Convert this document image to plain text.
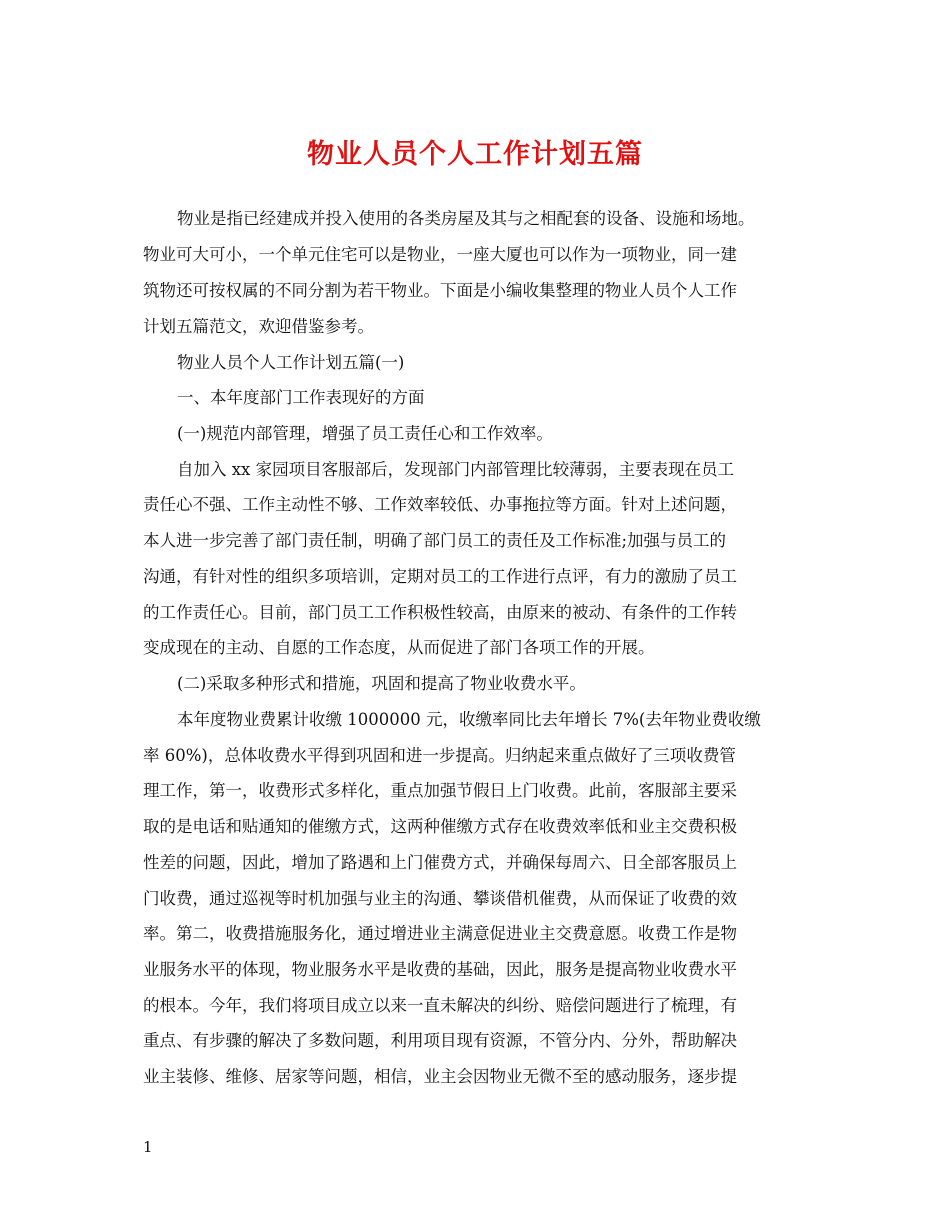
物业人员个人工作计划五篇
物业是指已经建成并投入使用的各类房屋及其与之相配套的设备、设施和场地。
物业可大可小，一个单元住宅可以是物业，一座大厦也可以作为一项物业，同一建
筑物还可按权属的不同分割为若干物业。下面是小编收集整理的物业人员个人工作
计划五篇范文，欢迎借鉴参考。
物业人员个人工作计划五篇(一)
一、本年度部门工作表现好的方面
(一)规范内部管理，增强了员工责任心和工作效率。
自加入 xx 家园项目客服部后，发现部门内部管理比较薄弱，主要表现在员工
责任心不强、工作主动性不够、工作效率较低、办事拖拉等方面。针对上述问题，
本人进一步完善了部门责任制，明确了部门员工的责任及工作标准;加强与员工的
沟通，有针对性的组织多项培训，定期对员工的工作进行点评，有力的激励了员工
的工作责任心。目前，部门员工工作积极性较高，由原来的被动、有条件的工作转
变成现在的主动、自愿的工作态度，从而促进了部门各项工作的开展。
(二)采取多种形式和措施，巩固和提高了物业收费水平。
本年度物业费累计收缴 1000000 元，收缴率同比去年增长 7%(去年物业费收缴
率 60%)，总体收费水平得到巩固和进一步提高。归纳起来重点做好了三项收费管
理工作，第一，收费形式多样化，重点加强节假日上门收费。此前，客服部主要采
取的是电话和贴通知的催缴方式，这两种催缴方式存在收费效率低和业主交费积极
性差的问题，因此，增加了路遇和上门催费方式，并确保每周六、日全部客服员上
门收费，通过巡视等时机加强与业主的沟通、攀谈借机催费，从而保证了收费的效
率。第二，收费措施服务化，通过增进业主满意促进业主交费意愿。收费工作是物
业服务水平的体现，物业服务水平是收费的基础，因此，服务是提高物业收费水平
的根本。今年，我们将项目成立以来一直未解决的纠纷、赔偿问题进行了梳理，有
重点、有步骤的解决了多数问题，利用项目现有资源，不管分内、分外，帮助解决
业主装修、维修、居家等问题，相信，业主会因物业无微不至的感动服务，逐步提
1
